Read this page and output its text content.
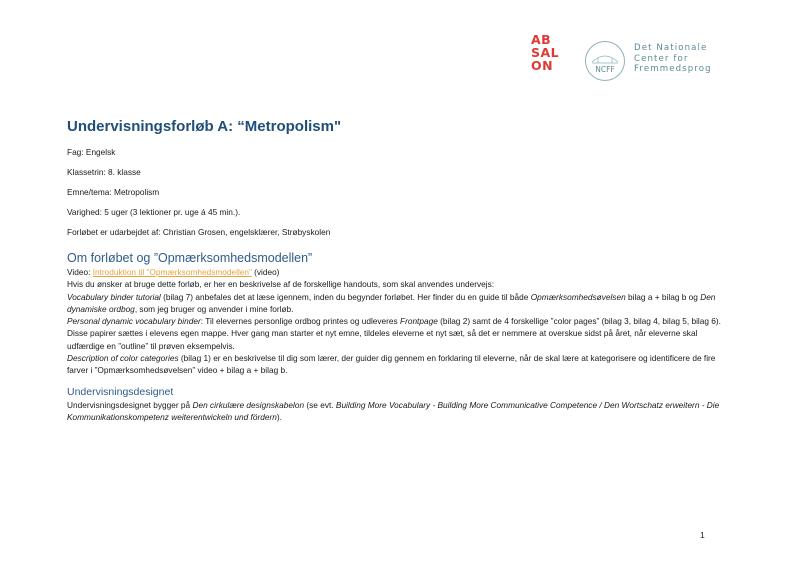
AB
SAL
ON	NCFF
Det Nationale
Center for
Fremmedsprog
Undervisningsforløb A: “Metropolism"

Fag: Engelsk

Klassetrin: 8. klasse

Emne/tema: Metropolism

Varighed: 5 uger (3 lektioner pr. uge á 45 min.).

Forløbet er udarbejdet af: Christian Grosen, engelsklærer, Strøbyskolen

Om forløbet og ”Opmærksomhedsmodellen”

Video: Introduktion til ”Opmærksomhedsmodellen” (video)

Hvis du ønsker at bruge dette forløb, er her en beskrivelse af de forskellige handouts, som skal anvendes undervejs:

Vocabulary binder tutorial (bilag 7) anbefales det at læse igennem, inden du begynder forløbet. Her finder du en guide til både Opmærksomhedsøvelsen bilag a + bilag b og Den dynamiske ordbog, som jeg bruger og anvender i mine forløb.

Personal dynamic vocabulary binder: Til elevernes personlige ordbog printes og udleveres Frontpage (bilag 2) samt de 4 forskellige ”color pages” (bilag 3, bilag 4, bilag 5, bilag 6). Disse papirer sættes i elevens egen mappe. Hver gang man starter et nyt emne, tildeles eleverne et nyt sæt, så det er nemmere at overskue sidst på året, når eleverne skal udfærdige en ”outline” til prøven eksempelvis.

Description of color categories (bilag 1) er en beskrivelse til dig som lærer, der guider dig gennem en forklaring til eleverne, når de skal lære at kategorisere og identificere de fire farver i ”Opmærksomhedsøvelsen” video + bilag a + bilag b.

Undervisningsdesignet

Undervisningsdesignet bygger på Den cirkulære designskabelon (se evt. Building More Vocabulary - Building More Communicative Competence / Den Wortschatz erweitern - Die Kommunikationskompetenz weiterentwickeln und fördern).

1
